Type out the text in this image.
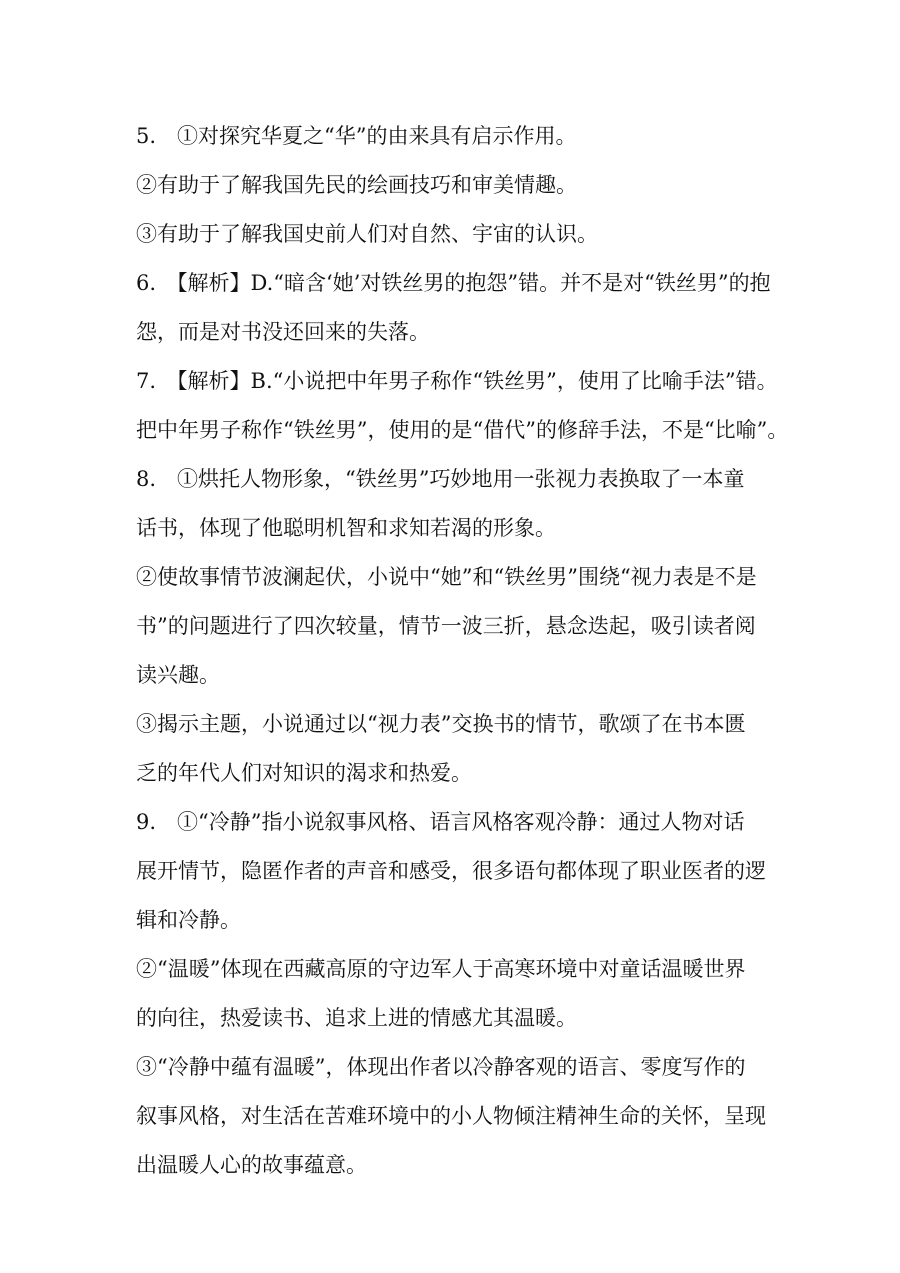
5.　①对探究华夏之“华”的由来具有启示作用。
②有助于了解我国先民的绘画技巧和审美情趣。
③有助于了解我国史前人们对自然、宇宙的认识。
6.　【解析】D.“暗含‘她’对铁丝男的抱怨”错。并不是对“铁丝男”的抱
怨，而是对书没还回来的失落。
7.　【解析】B.“小说把中年男子称作“铁丝男”，使用了比喻手法”错。
把中年男子称作“铁丝男”，使用的是“借代”的修辞手法，不是“比喻”。
8.　①烘托人物形象，“铁丝男”巧妙地用一张视力表换取了一本童
话书，体现了他聪明机智和求知若渴的形象。
②使故事情节波澜起伏，小说中“她”和“铁丝男”围绕“视力表是不是
书”的问题进行了四次较量，情节一波三折，悬念迭起，吸引读者阅
读兴趣。
③揭示主题，小说通过以“视力表”交换书的情节，歌颂了在书本匮
乏的年代人们对知识的渴求和热爱。
9.　①“冷静”指小说叙事风格、语言风格客观冷静：通过人物对话
展开情节，隐匿作者的声音和感受，很多语句都体现了职业医者的逻
辑和冷静。
②“温暖”体现在西藏高原的守边军人于高寒环境中对童话温暖世界
的向往，热爱读书、追求上进的情感尤其温暖。
③“冷静中蕴有温暖”，体现出作者以冷静客观的语言、零度写作的
叙事风格，对生活在苦难环境中的小人物倾注精神生命的关怀，呈现
出温暖人心的故事蕴意。
